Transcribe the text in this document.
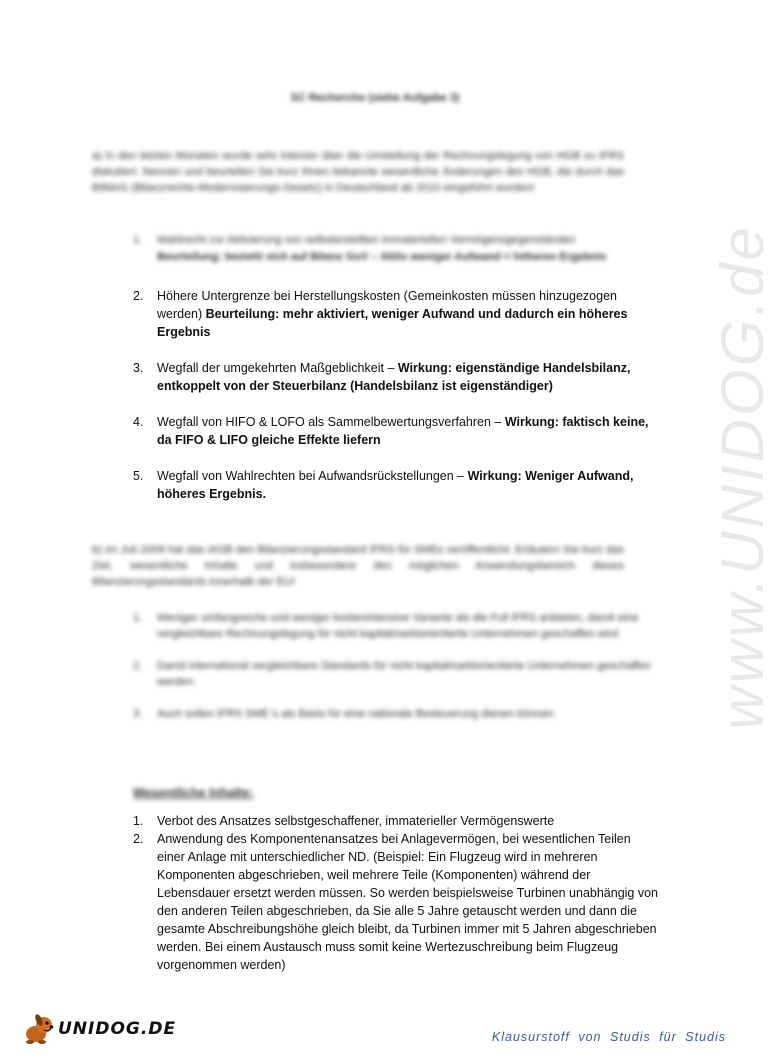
www.UNIDOG.de
SC Recherche (siehe Aufgabe 3)
a) In den letzten Monaten wurde sehr intensiv über die Umstellung der Rechnungslegung von HGB zu IFRS diskutiert. Nennen und beurteilen Sie kurz Ihnen bekannte wesentliche Änderungen des HGB, die durch das BilMoG (Bilanzrechts-Modernisierungs-Gesetz) in Deutschland ab 2010 eingeführt wurden!
1. Wahlrecht zur Aktivierung von selbsterstellten immateriellen Vermögensgegenständen
Beurteilung: bezieht sich auf Bilanz GuV – Aktiv weniger Aufwand = höheres Ergebnis
2. Höhere Untergrenze bei Herstellungskosten (Gemeinkosten müssen hinzugezogen werden) Beurteilung: mehr aktiviert, weniger Aufwand und dadurch ein höheres Ergebnis
3. Wegfall der umgekehrten Maßgeblichkeit – Wirkung: eigenständige Handelsbilanz, entkoppelt von der Steuerbilanz (Handelsbilanz ist eigenständiger)
4. Wegfall von HIFO & LOFO als Sammelbewertungsverfahren – Wirkung: faktisch keine, da FIFO & LIFO gleiche Effekte liefern
5. Wegfall von Wahlrechten bei Aufwandsrückstellungen – Wirkung: Weniger Aufwand, höheres Ergebnis.
b) Im Juli 2009 hat das IASB den Bilanzierungsstandard IFRS für SMEs veröffentlicht. Erläutern Sie kurz das Ziel, wesentliche Inhalte und insbesondere den möglichen Anwendungsbereich dieses Bilanzierungsstandards innerhalb der EU!
1. Weniger umfangreiche und weniger kostenintensive Variante als die Full IFRS anbieten, damit eine vergleichbare Rechnungslegung für nicht kapitalmarktorientierte Unternehmen geschaffen wird.
2. Damit international vergleichbare Standards für nicht kapitalmarktorientierte Unternehmen geschaffen werden.
3. Auch sollen IFRS SME´s als Basis für eine nationale Besteuerung dienen können.
Wesentliche Inhalte:
1. Verbot des Ansatzes selbstgeschaffener, immaterieller Vermögenswerte
2. Anwendung des Komponentenansatzes bei Anlagevermögen, bei wesentlichen Teilen einer Anlage mit unterschiedlicher ND. (Beispiel: Ein Flugzeug wird in mehreren Komponenten abgeschrieben, weil mehrere Teile (Komponenten) während der Lebensdauer ersetzt werden müssen. So werden beispielsweise Turbinen unabhängig von den anderen Teilen abgeschrieben, da Sie alle 5 Jahre getauscht werden und dann die gesamte Abschreibungshöhe gleich bleibt, da Turbinen immer mit 5 Jahren abgeschrieben werden. Bei einem Austausch muss somit keine Wertezuschreibung beim Flugzeug vorgenommen werden)
UNIDOG.DE	Klausurstoff von Studis für Studis
